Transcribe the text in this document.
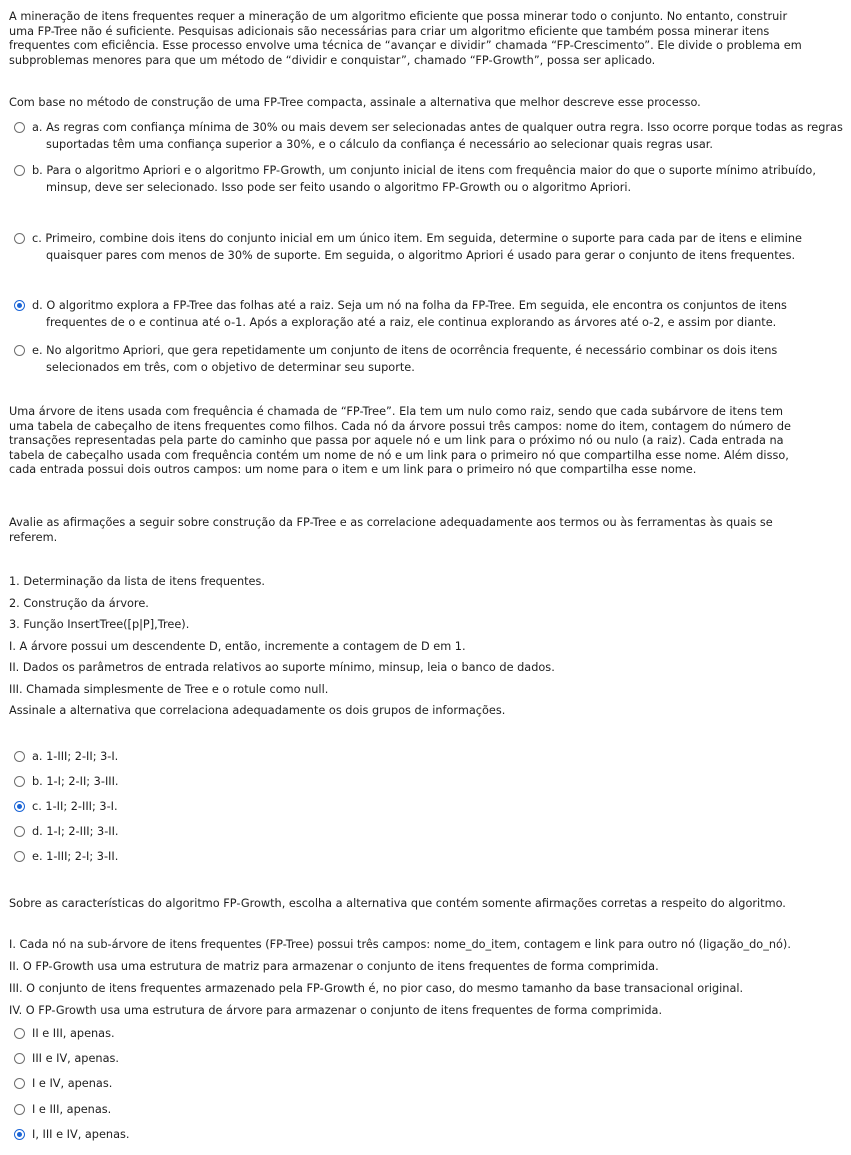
A mineração de itens frequentes requer a mineração de um algoritmo eficiente que possa minerar todo o conjunto. No entanto, construir
uma FP-Tree não é suficiente. Pesquisas adicionais são necessárias para criar um algoritmo eficiente que também possa minerar itens
frequentes com eficiência. Esse processo envolve uma técnica de “avançar e dividir” chamada “FP-Crescimento”. Ele divide o problema em
subproblemas menores para que um método de “dividir e conquistar”, chamado “FP-Growth”, possa ser aplicado.
Com base no método de construção de uma FP-Tree compacta, assinale a alternativa que melhor descreve esse processo.
a. As regras com confiança mínima de 30% ou mais devem ser selecionadas antes de qualquer outra regra. Isso ocorre porque todas as regras suportadas têm uma confiança superior a 30%, e o cálculo da confiança é necessário ao selecionar quais regras usar.
b. Para o algoritmo Apriori e o algoritmo FP-Growth, um conjunto inicial de itens com frequência maior do que o suporte mínimo atribuído, minsup, deve ser selecionado. Isso pode ser feito usando o algoritmo FP-Growth ou o algoritmo Apriori.
c. Primeiro, combine dois itens do conjunto inicial em um único item. Em seguida, determine o suporte para cada par de itens e elimine quaisquer pares com menos de 30% de suporte. Em seguida, o algoritmo Apriori é usado para gerar o conjunto de itens frequentes.
d. O algoritmo explora a FP-Tree das folhas até a raiz. Seja um nó na folha da FP-Tree. Em seguida, ele encontra os conjuntos de itens frequentes de o e continua até o-1. Após a exploração até a raiz, ele continua explorando as árvores até o-2, e assim por diante.
e. No algoritmo Apriori, que gera repetidamente um conjunto de itens de ocorrência frequente, é necessário combinar os dois itens selecionados em três, com o objetivo de determinar seu suporte.
Uma árvore de itens usada com frequência é chamada de “FP-Tree”. Ela tem um nulo como raiz, sendo que cada subárvore de itens tem
uma tabela de cabeçalho de itens frequentes como filhos. Cada nó da árvore possui três campos: nome do item, contagem do número de
transações representadas pela parte do caminho que passa por aquele nó e um link para o próximo nó ou nulo (a raiz). Cada entrada na
tabela de cabeçalho usada com frequência contém um nome de nó e um link para o primeiro nó que compartilha esse nome. Além disso,
cada entrada possui dois outros campos: um nome para o item e um link para o primeiro nó que compartilha esse nome.
Avalie as afirmações a seguir sobre construção da FP-Tree e as correlacione adequadamente aos termos ou às ferramentas às quais se
referem.
1. Determinação da lista de itens frequentes.
2. Construção da árvore.
3. Função InsertTree([p|P],Tree).
I. A árvore possui um descendente D, então, incremente a contagem de D em 1.
II. Dados os parâmetros de entrada relativos ao suporte mínimo, minsup, leia o banco de dados.
III. Chamada simplesmente de Tree e o rotule como null.
Assinale a alternativa que correlaciona adequadamente os dois grupos de informações.
a. 1-III; 2-II; 3-I.
b. 1-I; 2-II; 3-III.
c. 1-II; 2-III; 3-I.
d. 1-I; 2-III; 3-II.
e. 1-III; 2-I; 3-II.
Sobre as características do algoritmo FP-Growth, escolha a alternativa que contém somente afirmações corretas a respeito do algoritmo.
I. Cada nó na sub-árvore de itens frequentes (FP-Tree) possui três campos: nome_do_item, contagem e link para outro nó (ligação_do_nó).
II. O FP-Growth usa uma estrutura de matriz para armazenar o conjunto de itens frequentes de forma comprimida.
III. O conjunto de itens frequentes armazenado pela FP-Growth é, no pior caso, do mesmo tamanho da base transacional original.
IV. O FP-Growth usa uma estrutura de árvore para armazenar o conjunto de itens frequentes de forma comprimida.
II e III, apenas.
III e IV, apenas.
I e IV, apenas.
I e III, apenas.
I, III e IV, apenas.
